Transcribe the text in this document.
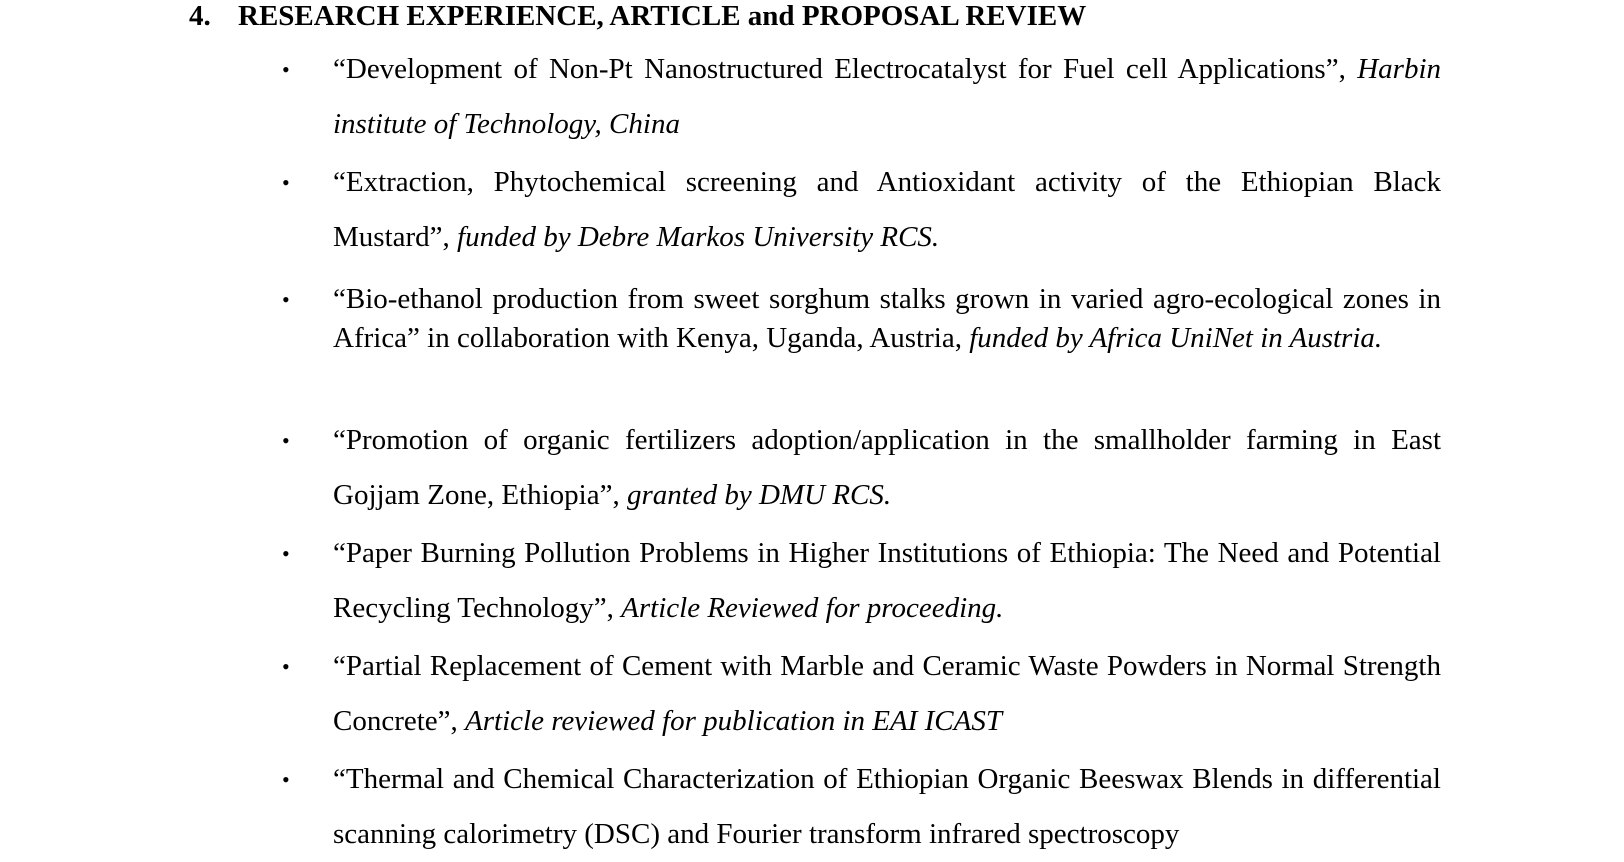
4. RESEARCH EXPERIENCE, ARTICLE and PROPOSAL REVIEW
• “Development of Non-Pt Nanostructured Electrocatalyst for Fuel cell Applications”, Harbin institute of Technology, China
• “Extraction, Phytochemical screening and Antioxidant activity of the Ethiopian Black Mustard”, funded by Debre Markos University RCS.
• “Bio-ethanol production from sweet sorghum stalks grown in varied agro-ecological zones in Africa” in collaboration with Kenya, Uganda, Austria, funded by Africa UniNet in Austria.
• “Promotion of organic fertilizers adoption/application in the smallholder farming in East Gojjam Zone, Ethiopia”, granted by DMU RCS.
• “Paper Burning Pollution Problems in Higher Institutions of Ethiopia: The Need and Potential Recycling Technology”, Article Reviewed for proceeding.
• “Partial Replacement of Cement with Marble and Ceramic Waste Powders in Normal Strength Concrete”, Article reviewed for publication in EAI ICAST
• “Thermal and Chemical Characterization of Ethiopian Organic Beeswax Blends in differential scanning calorimetry (DSC) and Fourier transform infrared spectroscopy
